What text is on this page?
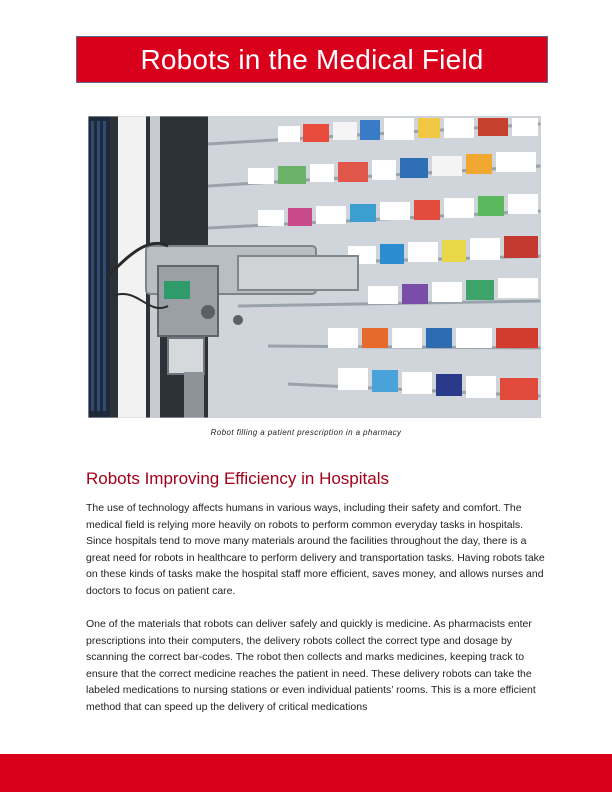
Robots in the Medical Field
Robot filling a patient prescription in a pharmacy
Robots Improving Efficiency in Hospitals

The use of technology affects humans in various ways, including their safety and comfort. The medical field is relying more heavily on robots to perform common everyday tasks in hospitals. Since hospitals tend to move many materials around the facilities throughout the day, there is a great need for robots in healthcare to perform delivery and transportation tasks. Having robots take on these kinds of tasks make the hospital staff more efficient, saves money, and allows nurses and doctors to focus on patient care.

One of the materials that robots can deliver safely and quickly is medicine. As pharmacists enter prescriptions into their computers, the delivery robots collect the correct type and dosage by scanning the correct bar-codes. The robot then collects and marks medicines, keeping track to ensure that the correct medicine reaches the patient in need. These delivery robots can take the labeled medications to nursing stations or even individual patients’ rooms. This is a more efficient method that can speed up the delivery of critical medications
